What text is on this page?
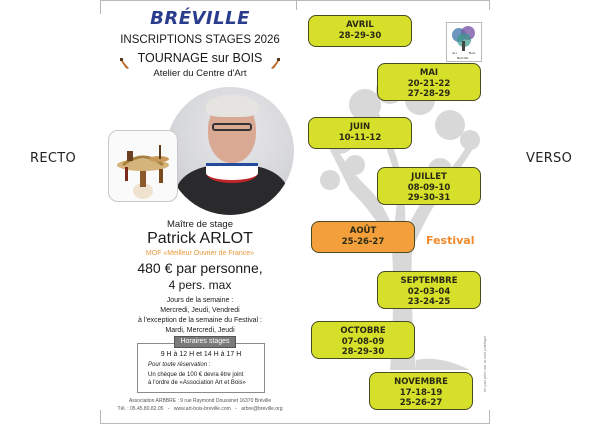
RECTO	VERSO
BRÉVILLE
INSCRIPTIONS STAGES 2026
TOURNAGE sur BOIS
Atelier du Centre d'Art
Maître de stage
Patrick ARLOT
MOF «Meilleur Ouvrier de France»
480 € par personne,
4 pers. max
Jours de la semaine :
Mercredi, Jeudi, Vendredi
à l'exception de la semaine du Festival :
Mardi, Mercredi, Jeudi
Association ARBBRE : 9 rue Raymond Doussinet 16370 Bréville
Tél. : 05.45.80.82.05 - www.art-bois-breville.com - arbre@breville.org
Horaires stages
9 H à 12 H et 14 H à 17 H
Pour toute réservation :
Un chèque de 100 € devra être joint
à l'ordre de «Association Art et Bois»
Art	Bois
Bréville
AVRIL
28-29-30
MAI
20-21-22
27-28-29
JUIN
10-11-12
JUILLET
08-09-10
29-30-31
AOÛT
25-26-27	Festival
SEPTEMBRE
02-03-04
23-24-25
OCTOBRE
07-08-09
28-29-30
NOVEMBRE
17-18-19
25-26-27
ne pas jeter sur la voie publique
